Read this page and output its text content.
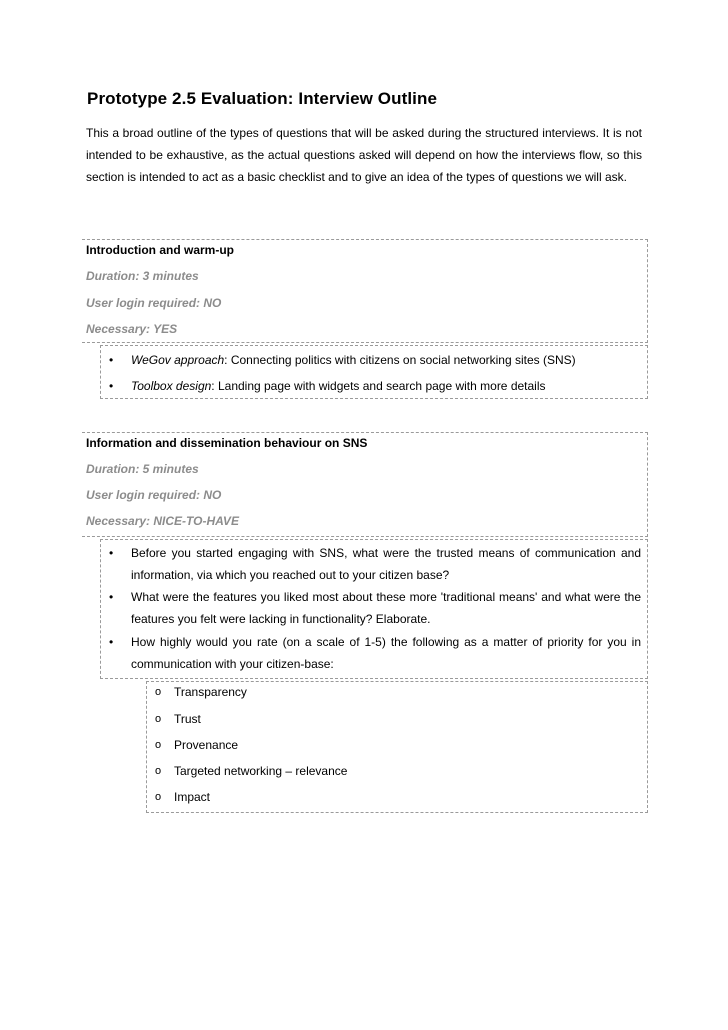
Prototype 2.5 Evaluation: Interview Outline
This a broad outline of the types of questions that will be asked during the structured interviews. It is not intended to be exhaustive, as the actual questions asked will depend on how the interviews flow, so this section is intended to act as a basic checklist and to give an idea of the types of questions we will ask.
Introduction and warm-up
Duration: 3 minutes
User login required: NO
Necessary: YES
• WeGov approach: Connecting politics with citizens on social networking sites (SNS)
• Toolbox design: Landing page with widgets and search page with more details
Information and dissemination behaviour on SNS
Duration: 5 minutes
User login required: NO
Necessary: NICE-TO-HAVE
• Before you started engaging with SNS, what were the trusted means of communication and information, via which you reached out to your citizen base?
• What were the features you liked most about these more 'traditional means' and what were the features you felt were lacking in functionality? Elaborate.
• How highly would you rate (on a scale of 1-5) the following as a matter of priority for you in communication with your citizen-base:
o Transparency
o Trust
o Provenance
o Targeted networking – relevance
o Impact
